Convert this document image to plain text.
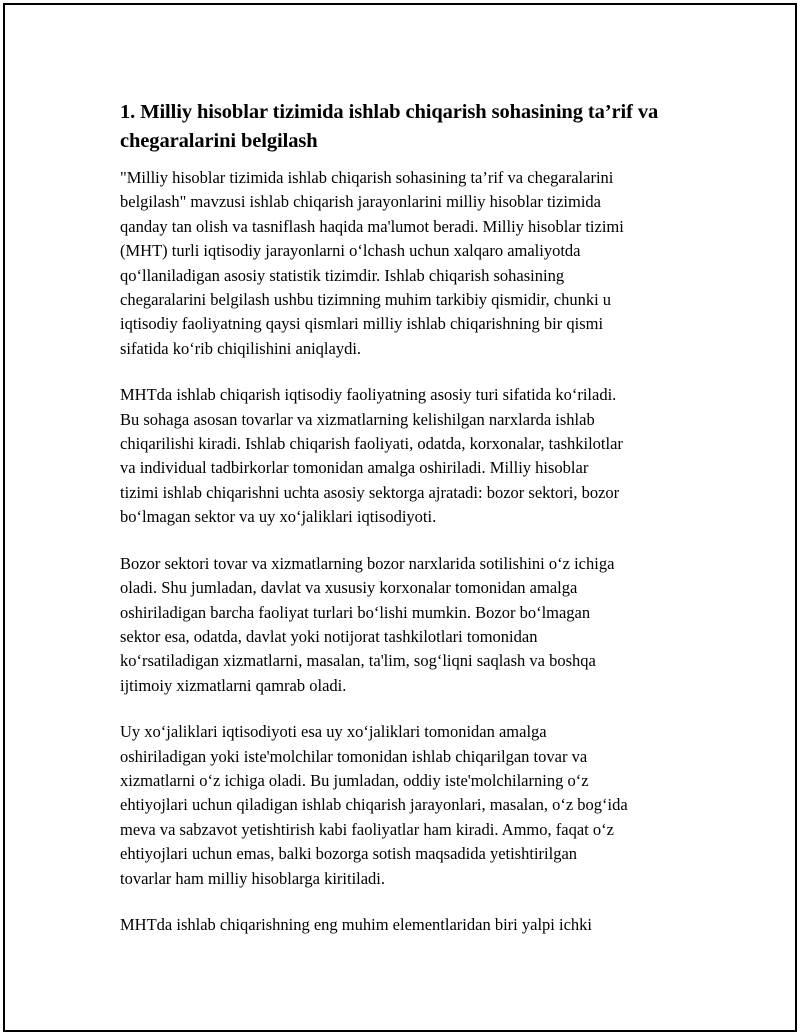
1. Milliy hisoblar tizimida ishlab chiqarish sohasining ta’rif va
chegaralarini belgilash

"Milliy hisoblar tizimida ishlab chiqarish sohasining ta’rif va chegaralarini
belgilash" mavzusi ishlab chiqarish jarayonlarini milliy hisoblar tizimida
qanday tan olish va tasniflash haqida ma'lumot beradi. Milliy hisoblar tizimi
(MHT) turli iqtisodiy jarayonlarni oʻlchash uchun xalqaro amaliyotda
qoʻllaniladigan asosiy statistik tizimdir. Ishlab chiqarish sohasining
chegaralarini belgilash ushbu tizimning muhim tarkibiy qismidir, chunki u
iqtisodiy faoliyatning qaysi qismlari milliy ishlab chiqarishning bir qismi
sifatida koʻrib chiqilishini aniqlaydi.

MHTda ishlab chiqarish iqtisodiy faoliyatning asosiy turi sifatida koʻriladi.
Bu sohaga asosan tovarlar va xizmatlarning kelishilgan narxlarda ishlab
chiqarilishi kiradi. Ishlab chiqarish faoliyati, odatda, korxonalar, tashkilotlar
va individual tadbirkorlar tomonidan amalga oshiriladi. Milliy hisoblar
tizimi ishlab chiqarishni uchta asosiy sektorga ajratadi: bozor sektori, bozor
boʻlmagan sektor va uy xoʻjaliklari iqtisodiyoti.

Bozor sektori tovar va xizmatlarning bozor narxlarida sotilishini oʻz ichiga
oladi. Shu jumladan, davlat va xususiy korxonalar tomonidan amalga
oshiriladigan barcha faoliyat turlari boʻlishi mumkin. Bozor boʻlmagan
sektor esa, odatda, davlat yoki notijorat tashkilotlari tomonidan
koʻrsatiladigan xizmatlarni, masalan, ta'lim, sogʻliqni saqlash va boshqa
ijtimoiy xizmatlarni qamrab oladi.

Uy xoʻjaliklari iqtisodiyoti esa uy xoʻjaliklari tomonidan amalga
oshiriladigan yoki iste'molchilar tomonidan ishlab chiqarilgan tovar va
xizmatlarni oʻz ichiga oladi. Bu jumladan, oddiy iste'molchilarning oʻz
ehtiyojlari uchun qiladigan ishlab chiqarish jarayonlari, masalan, oʻz bogʻida
meva va sabzavot yetishtirish kabi faoliyatlar ham kiradi. Ammo, faqat oʻz
ehtiyojlari uchun emas, balki bozorga sotish maqsadida yetishtirilgan
tovarlar ham milliy hisoblarga kiritiladi.

MHTda ishlab chiqarishning eng muhim elementlaridan biri yalpi ichki
